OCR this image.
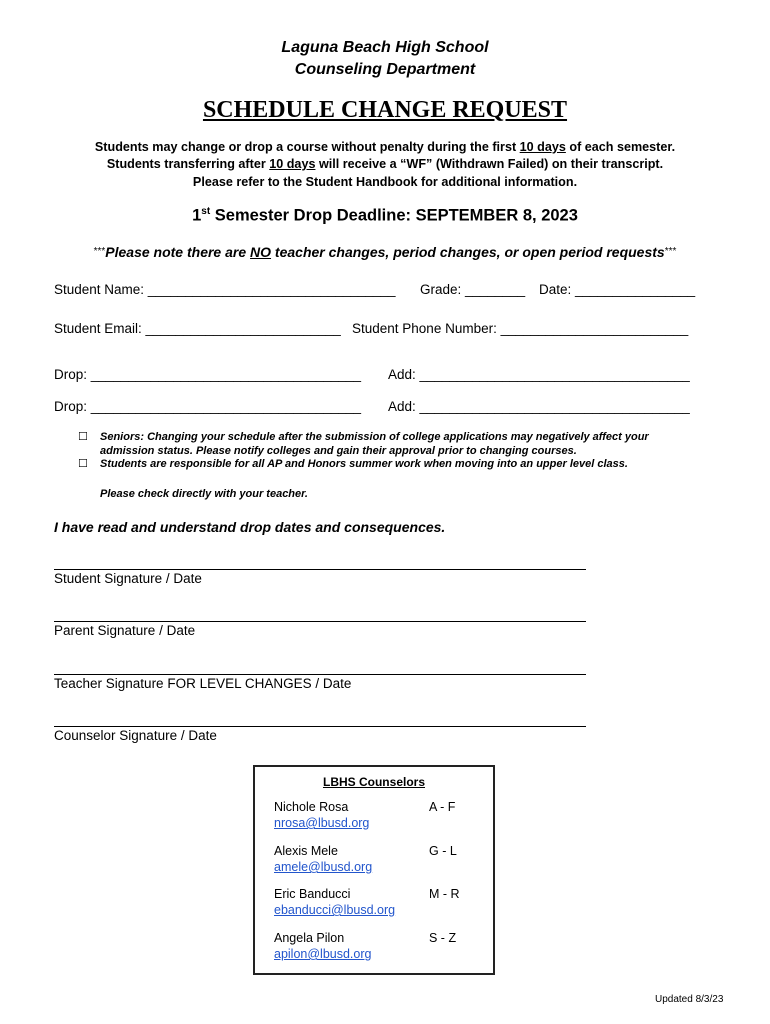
Laguna Beach High School
Counseling Department
SCHEDULE CHANGE REQUEST
Students may change or drop a course without penalty during the first 10 days of each semester.
Students transferring after 10 days will receive a “WF” (Withdrawn Failed) on their transcript.
Please refer to the Student Handbook for additional information.
1st Semester Drop Deadline: SEPTEMBER 8, 2023
***Please note there are NO teacher changes, period changes, or open period requests***
Student Name: _________________________________ Grade: ________ Date: ________________
Student Email: __________________________ Student Phone Number: _________________________
Drop: ____________________________________ Add: ____________________________________
Drop: ____________________________________ Add: ____________________________________
☐ Seniors: Changing your schedule after the submission of college applications may negatively affect your
admission status. Please notify colleges and gain their approval prior to changing courses.
☐ Students are responsible for all AP and Honors summer work when moving into an upper level class.
Please check directly with your teacher.
I have read and understand drop dates and consequences.
Student Signature / Date
Parent Signature / Date
Teacher Signature FOR LEVEL CHANGES / Date
Counselor Signature / Date
LBHS Counselors
Nichole Rosa	A - F
nrosa@lbusd.org
Alexis Mele	G - L
amele@lbusd.org
Eric Banducci	M - R
ebanducci@lbusd.org
Angela Pilon	S - Z
apilon@lbusd.org
Updated 8/3/23
